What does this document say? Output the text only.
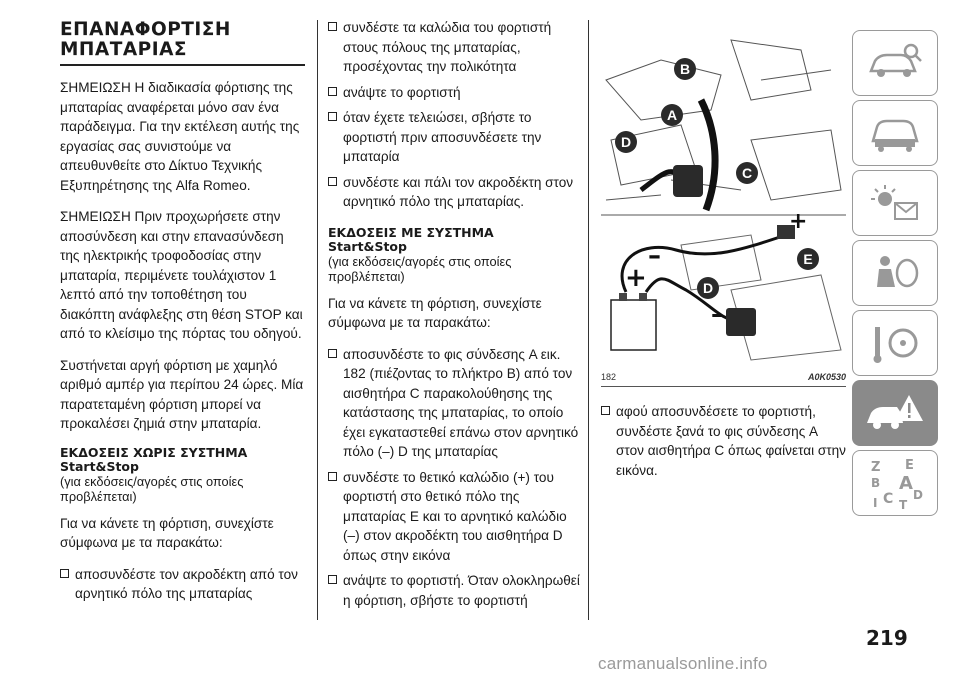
ΕΠΑΝΑΦΟΡΤΙΣΗ
ΜΠΑΤΑΡΙΑΣ

ΣΗΜΕΙΩΣΗ Η διαδικασία φόρτισης της μπαταρίας αναφέρεται μόνο σαν ένα παράδειγμα. Για την εκτέλεση αυτής της εργασίας σας συνιστούμε να απευθυνθείτε στο Δίκτυο Τεχνικής Εξυπηρέτησης της Alfa Romeo.

ΣΗΜΕΙΩΣΗ Πριν προχωρήσετε στην αποσύνδεση και στην επανασύνδεση της ηλεκτρικής τροφοδοσίας στην μπαταρία, περιμένετε τουλάχιστον 1 λεπτό από την τοποθέτηση του διακόπτη ανάφλεξης στη θέση STOP και από το κλείσιμο της πόρτας του οδηγού.

Συστήνεται αργή φόρτιση με χαμηλό αριθμό αμπέρ για περίπου 24 ώρες. Μία παρατεταμένη φόρτιση μπορεί να προκαλέσει ζημιά στην μπαταρία.

ΕΚΔΟΣΕΙΣ ΧΩΡΙΣ ΣΥΣΤΗΜΑ
Start&Stop
(για εκδόσεις/αγορές στις οποίες προβλέπεται)

Για να κάνετε τη φόρτιση, συνεχίστε σύμφωνα με τα παρακάτω:

αποσυνδέστε τον ακροδέκτη από τον αρνητικό πόλο της μπαταρίας
συνδέστε τα καλώδια του φορτιστή στους πόλους της μπαταρίας, προσέχοντας την πολικότητα
ανάψτε το φορτιστή
όταν έχετε τελειώσει, σβήστε το φορτιστή πριν αποσυνδέσετε την μπαταρία
συνδέστε και πάλι τον ακροδέκτη στον αρνητικό πόλο της μπαταρίας.
ΕΚΔΟΣΕΙΣ ΜΕ ΣΥΣΤΗΜΑ
Start&Stop
(για εκδόσεις/αγορές στις οποίες προβλέπεται)

Για να κάνετε τη φόρτιση, συνεχίστε σύμφωνα με τα παρακάτω:

αποσυνδέστε το φις σύνδεσης A εικ. 182 (πιέζοντας το πλήκτρο B) από τον αισθητήρα C παρακολούθησης της κατάστασης της μπαταρίας, το οποίο έχει εγκαταστεθεί επάνω στον αρνητικό πόλο (–) D της μπαταρίας
συνδέστε το θετικό καλώδιο (+) του φορτιστή στο θετικό πόλο της μπαταρίας E και το αρνητικό καλώδιο (–) στον ακροδέκτη του αισθητήρα D όπως στην εικόνα
ανάψτε το φορτιστή. Όταν ολοκληρωθεί η φόρτιση, σβήστε το φορτιστή
+
–
+
–
B
A
D
C
E
D
182	A0K0530
αφού αποσυνδέσετε το φορτιστή, συνδέστε ξανά το φις σύνδεσης A στον αισθητήρα C όπως φαίνεται στην εικόνα.	Z E
B A
C D
I T
219
carmanualsonline.info
